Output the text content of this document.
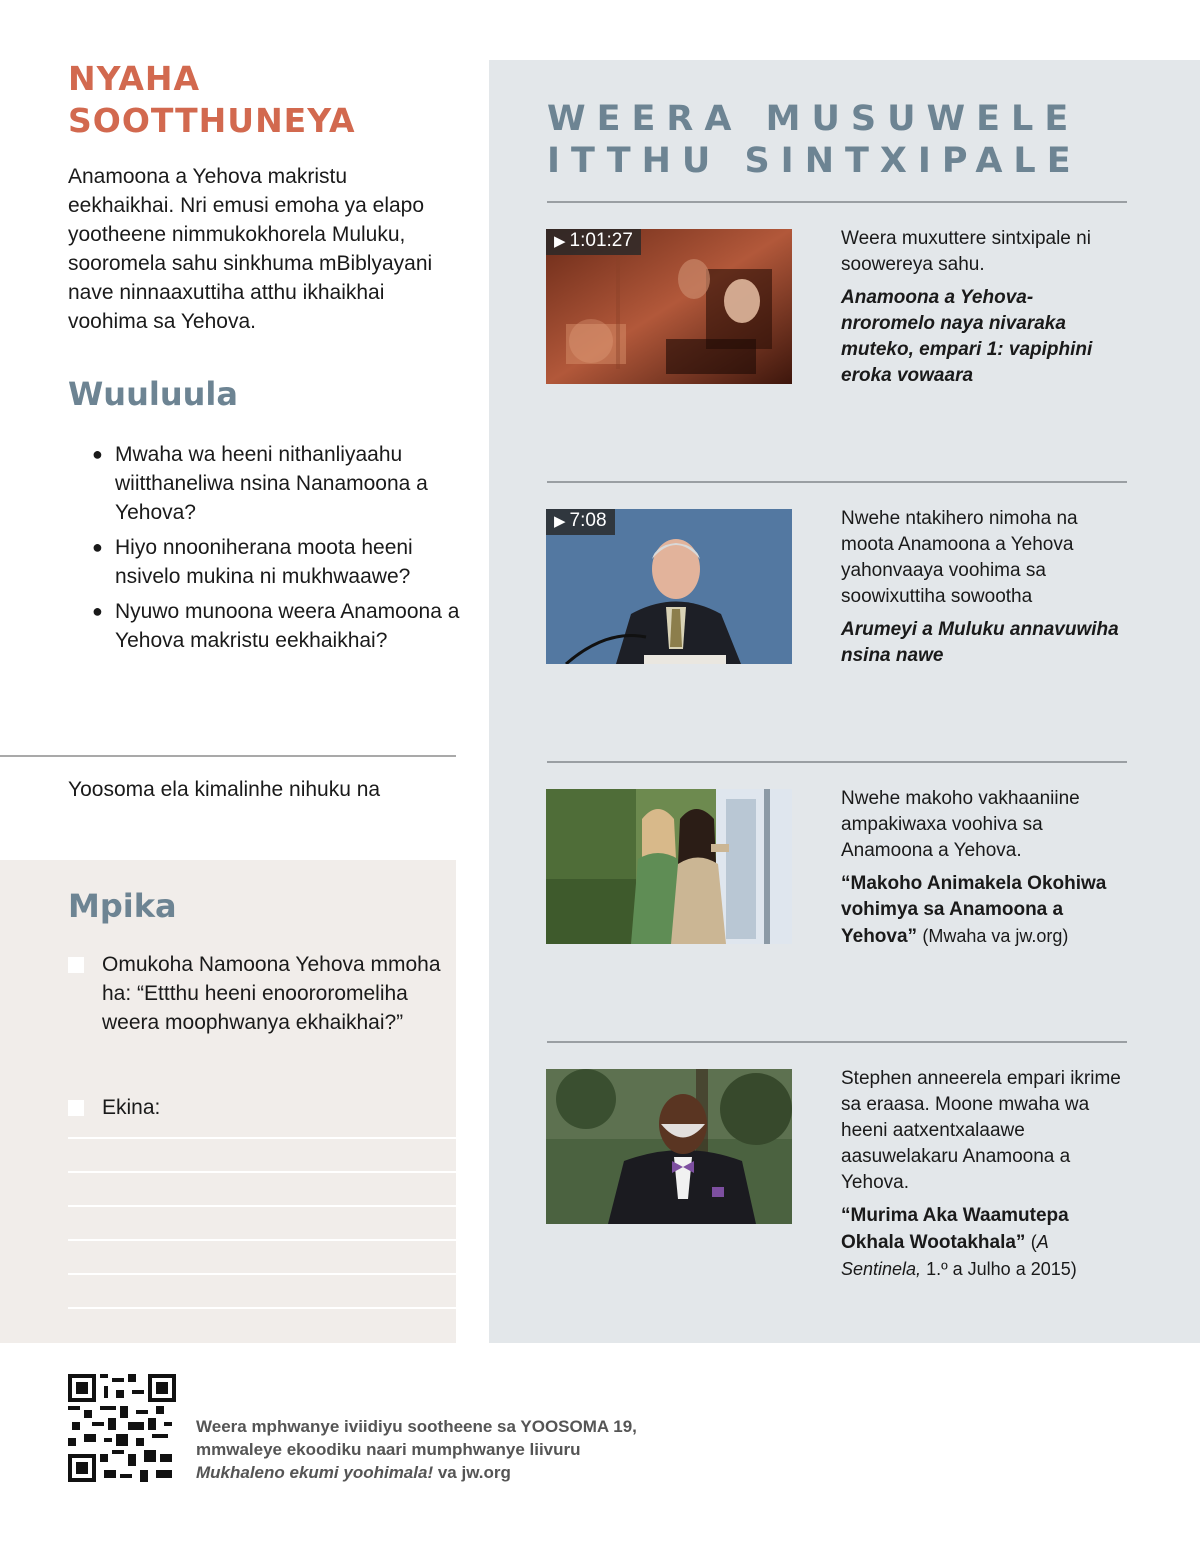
NYAHA
SOOTTHUNEYA

Anamoona a Yehova makristu eekhaikhai. Nri emusi emoha ya elapo yootheene nimmukokhorela Muluku, sooromela sahu sinkhuma mBiblyayani nave ninnaaxuttiha atthu ikhaikhai voohima sa Yehova.

Wuuluula
● Mwaha wa heeni nithanliyaahu wiitthaneliwa nsina Nanamoona a Yehova?
● Hiyo nnooniherana moota heeni nsivelo mukina ni mukhwaawe?
● Nyuwo munoona weera Anamoona a Yehova makristu eekhaikhai?

Yoosoma ela kimalinhe nihuku na

Mpika
Omukoha Namoona Yehova mmoha ha: “Ettthu heeni enoororomeliha weera moophwanya ekhaikhai?”
Ekina:
WEERA MUSUWELE
ITTHU SINTXIPALE
▶ 1:01:27	Weera muxuttere sintxipale ni soowereya sahu.
Anamoona a Yehova- nroromelo naya nivaraka muteko, empari 1: vapiphini eroka vowaara
▶ 7:08	Nwehe ntakihero nimoha na moota Anamoona a Yehova yahonvaaya voohima sa soowixuttiha sowootha
Arumeyi a Muluku annavuwiha nsina nawe
Nwehe makoho vakhaaniine ampakiwaxa voohiva sa Anamoona a Yehova.
“Makoho Animakela Okohiwa vohimya sa Anamoona a Yehova” (Mwaha va jw.org)
Stephen anneerela empari ikrime sa eraasa. Moone mwaha wa heeni aatxentxalaawe aasuwelakaru Anamoona a Yehova.
“Murima Aka Waamutepa Okhala Wootakhala” (A Sentinela, 1.º a Julho a 2015)
Weera mphwanye iviidiyu sootheene sa YOOSOMA 19,
mmwaleye ekoodiku naari mumphwanye liivuru
Mukhaleno ekumi yoohimala! va jw.org
